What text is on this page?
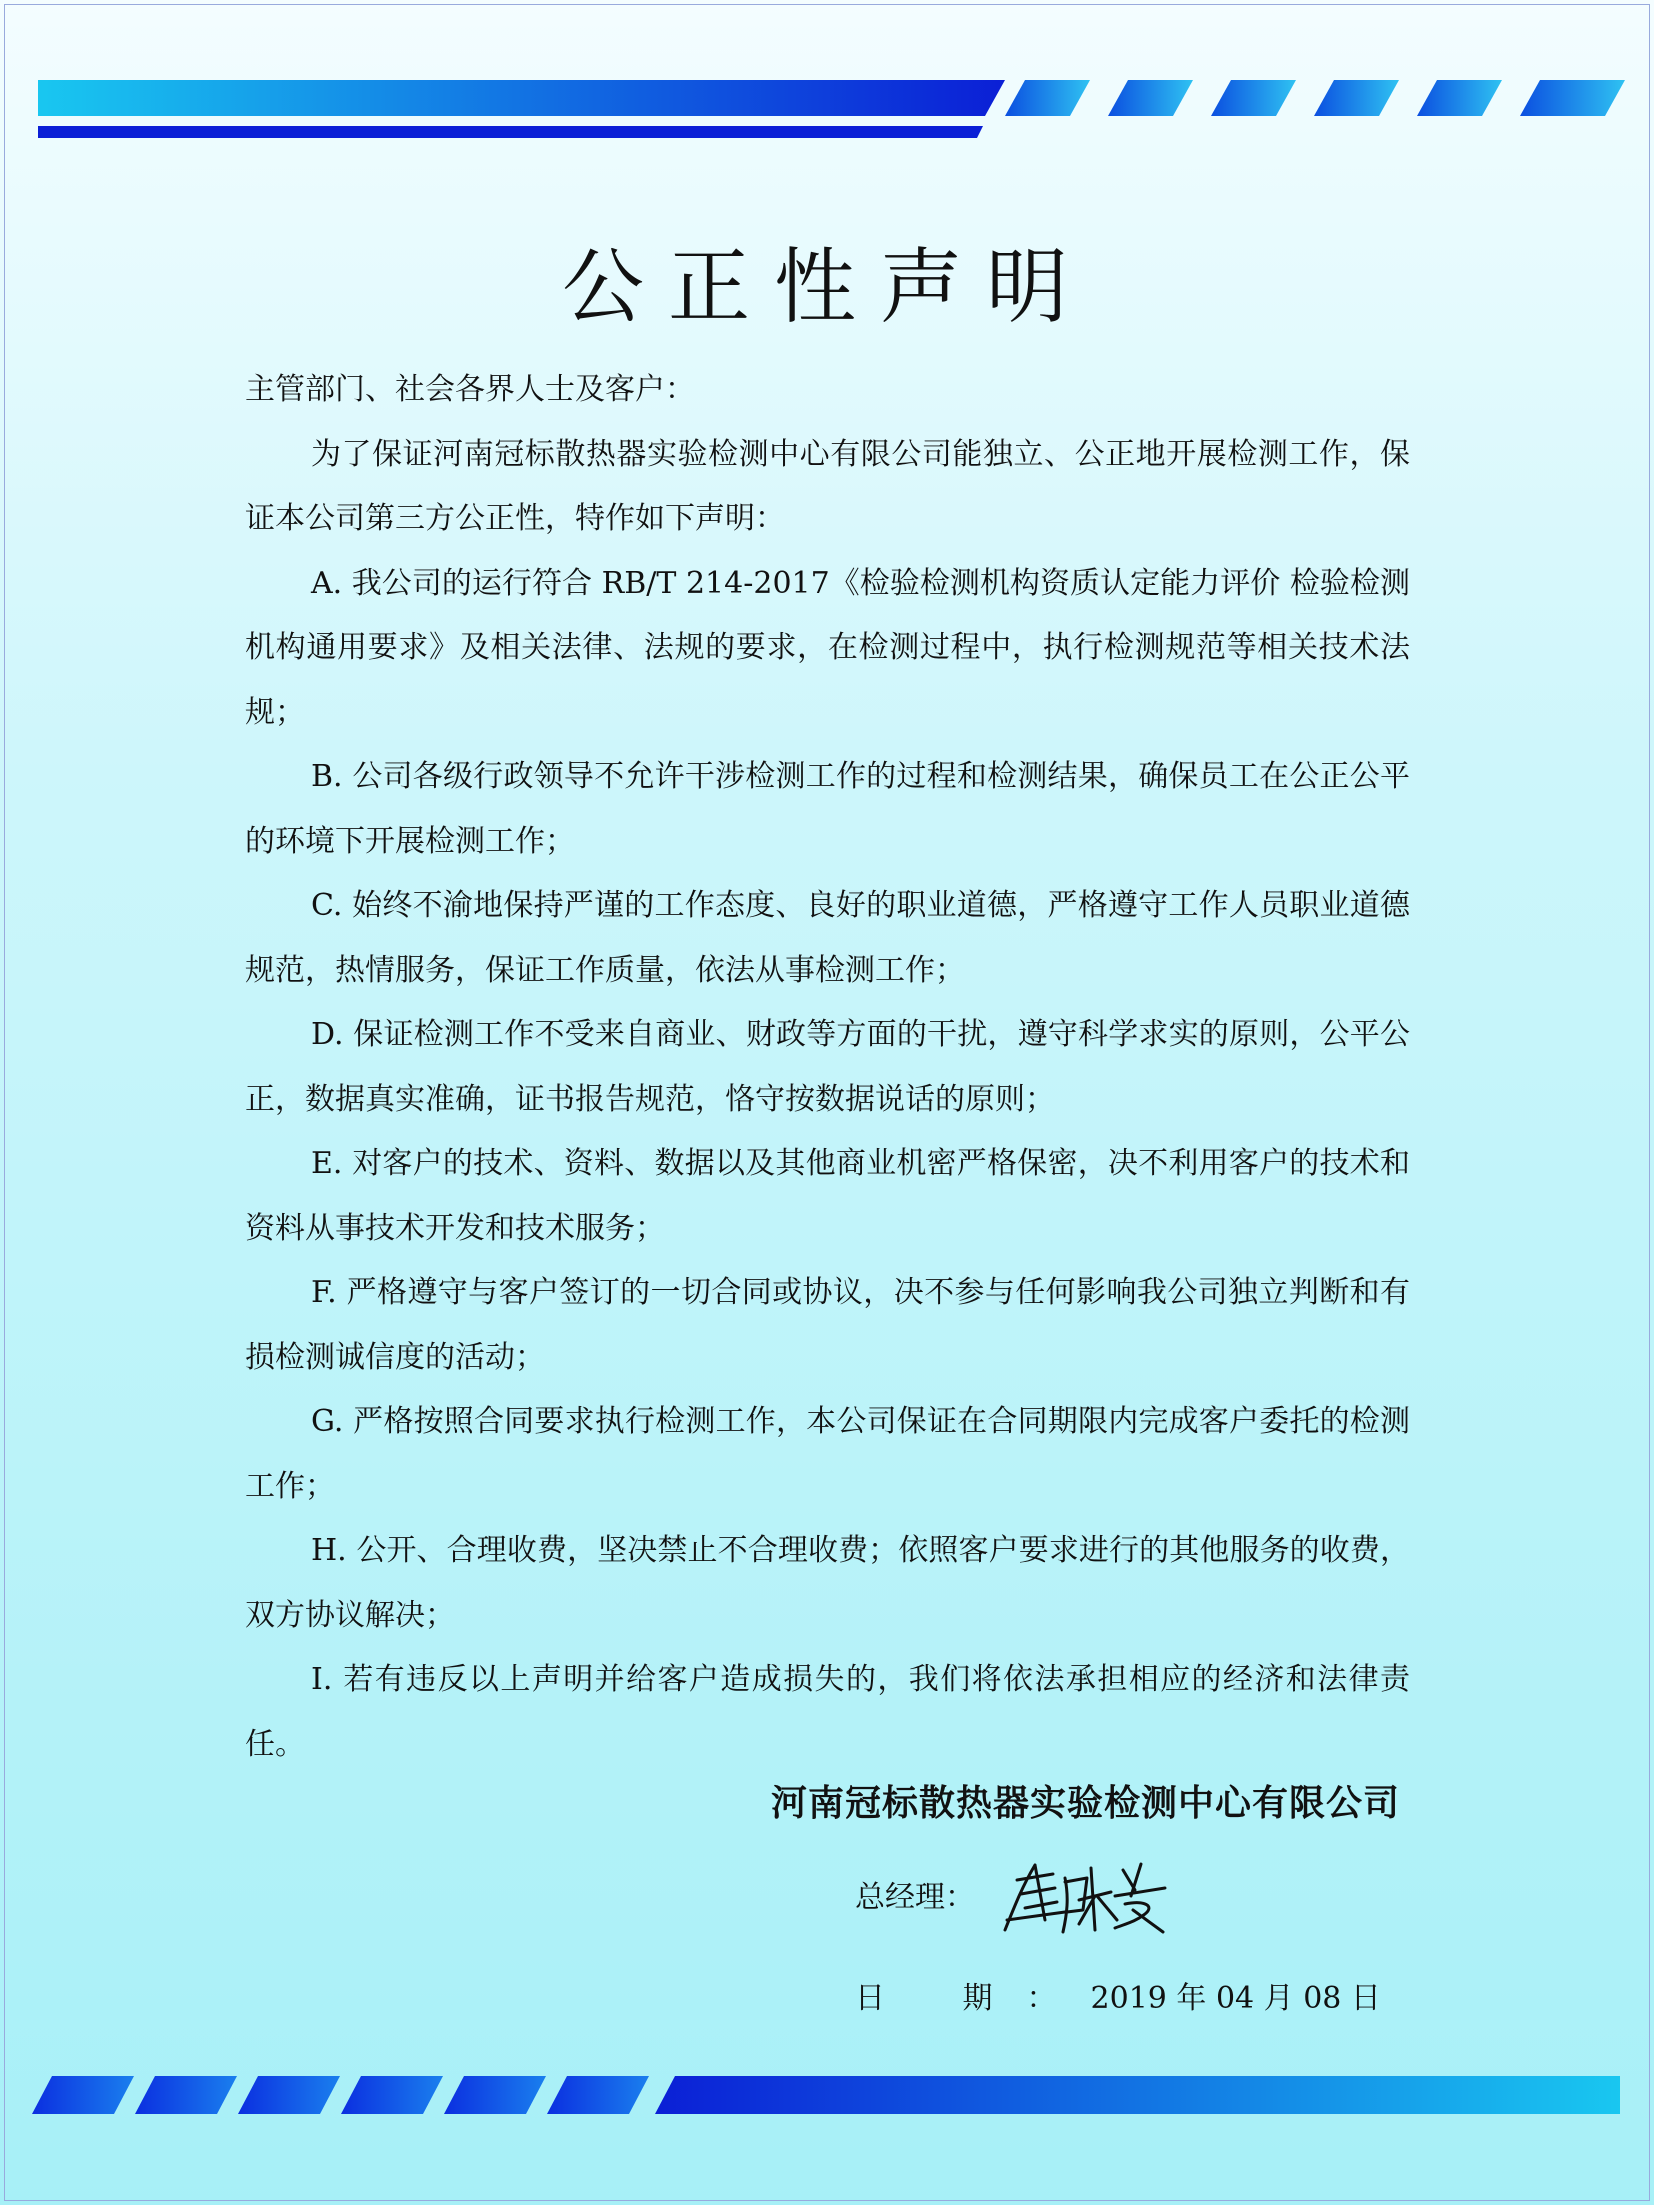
公正性声明

主管部门、社会各界人士及客户：

为了保证河南冠标散热器实验检测中心有限公司能独立、公正地开展检测工作，保证本公司第三方公正性，特作如下声明：

A. 我公司的运行符合 RB/T 214-2017《检验检测机构资质认定能力评价 检验检测机构通用要求》及相关法律、法规的要求，在检测过程中，执行检测规范等相关技术法规；

B. 公司各级行政领导不允许干涉检测工作的过程和检测结果，确保员工在公正公平的环境下开展检测工作；

C. 始终不渝地保持严谨的工作态度、良好的职业道德，严格遵守工作人员职业道德规范，热情服务，保证工作质量，依法从事检测工作；

D. 保证检测工作不受来自商业、财政等方面的干扰，遵守科学求实的原则，公平公正，数据真实准确，证书报告规范，恪守按数据说话的原则；

E. 对客户的技术、资料、数据以及其他商业机密严格保密，决不利用客户的技术和资料从事技术开发和技术服务；

F. 严格遵守与客户签订的一切合同或协议，决不参与任何影响我公司独立判断和有损检测诚信度的活动；

G. 严格按照合同要求执行检测工作，本公司保证在合同期限内完成客户委托的检测工作；

H. 公开、合理收费，坚决禁止不合理收费；依照客户要求进行的其他服务的收费，双方协议解决；

I. 若有违反以上声明并给客户造成损失的，我们将依法承担相应的经济和法律责任。

河南冠标散热器实验检测中心有限公司
总经理：
日 期：2019 年 04 月 08 日
